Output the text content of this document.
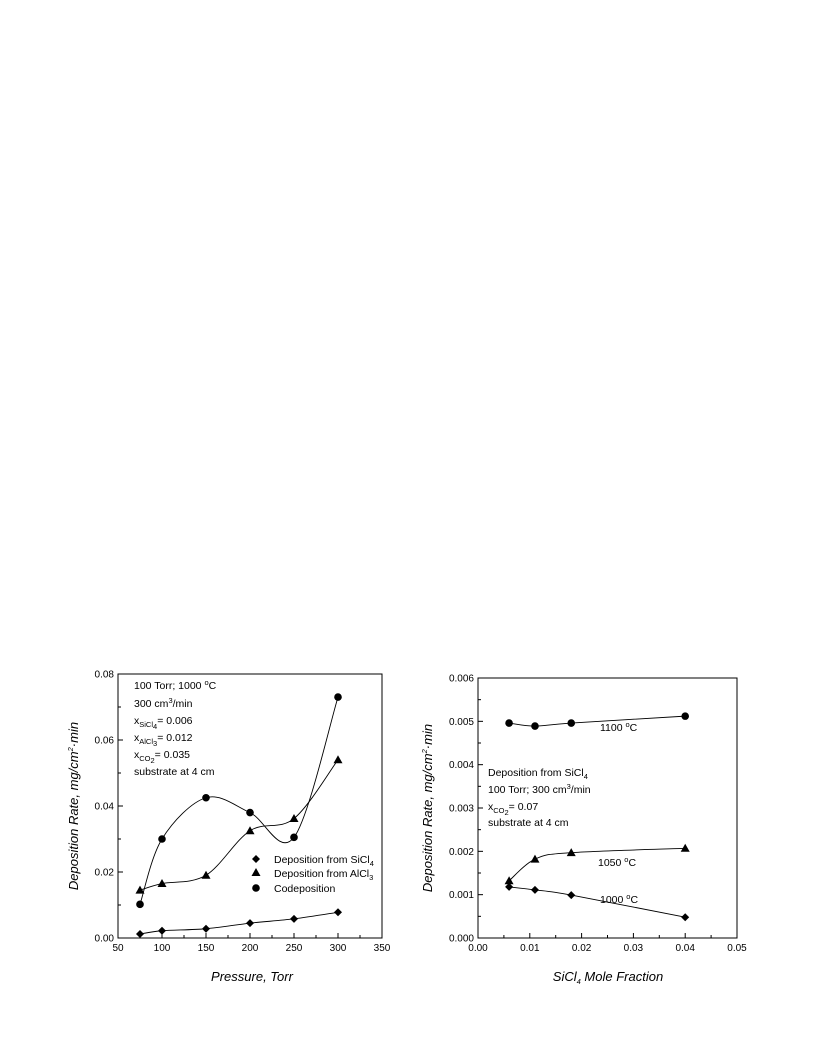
50	100	150	200	250	300	350
0.00
0.02
0.04
0.06
0.08
Pressure, Torr
Deposition Rate, $mg/cm^2\cdot\min$
100 Torr; 1000 $^o$C
300 $cm^3/\min$
$x_{SiCl}4= 0.006$
$x_{AlCl}3= 0.012$
$x_{CO}2= 0.035$
substrate at 4 cm
Deposition from SiCl$_4$
Deposition from AlCl$_3$
Codeposition
0.00	0.01	0.02	0.03	0.04	0.05
0.000
0.001
0.002
0.003
0.004
0.005
0.006
SiCl$_4$ Mole Fraction
Deposition Rate, $mg/cm^2\cdot\min$
Deposition from SiCl$_4$
100 Torr; 300 $cm^3/\min$
$x_{CO}2= 0.07$
substrate at 4 cm
1100 $^o$C
1050 $^o$C
1000 $^o$C
